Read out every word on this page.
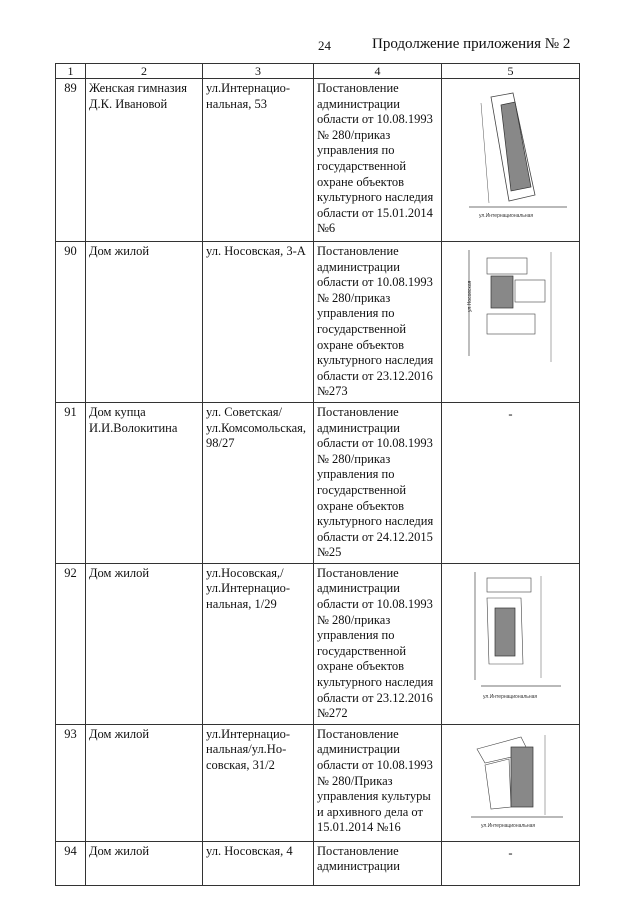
24	Продолжение приложения № 2
1	2	3	4	5
89	Женская гимназия Д.К. Ивановой	ул.Интернацио-нальная, 53	Постановление администрации области от 10.08.1993 № 280/приказ управления по государственной охране объектов культурного наследия области от 15.01.2014 №6	ул.Интернациональная

90	Дом жилой	ул. Носовская, 3-А	Постановление администрации области от 10.08.1993 № 280/приказ управления по государственной охране объектов культурного наследия области от 23.12.2016 №273	ул.Носовская

91	Дом купца И.И.Волокитина	ул. Советская/ ул.Комсомольская, 98/27	Постановление администрации области от 10.08.1993 № 280/приказ управления по государственной охране объектов культурного наследия области от 24.12.2015 №25	-
92	Дом жилой	ул.Носовская,/ ул.Интернацио-нальная, 1/29	Постановление администрации области от 10.08.1993 № 280/приказ управления по государственной охране объектов культурного наследия области от 23.12.2016 №272	ул.Интернациональная

93	Дом жилой	ул.Интернацио-нальная/ул.Но-совская, 31/2	Постановление администрации области от 10.08.1993 № 280/Приказ управления культуры и архивного дела от 15.01.2014 №16	ул.Интернациональная

94	Дом жилой	ул. Носовская, 4	Постановление администрации	-
